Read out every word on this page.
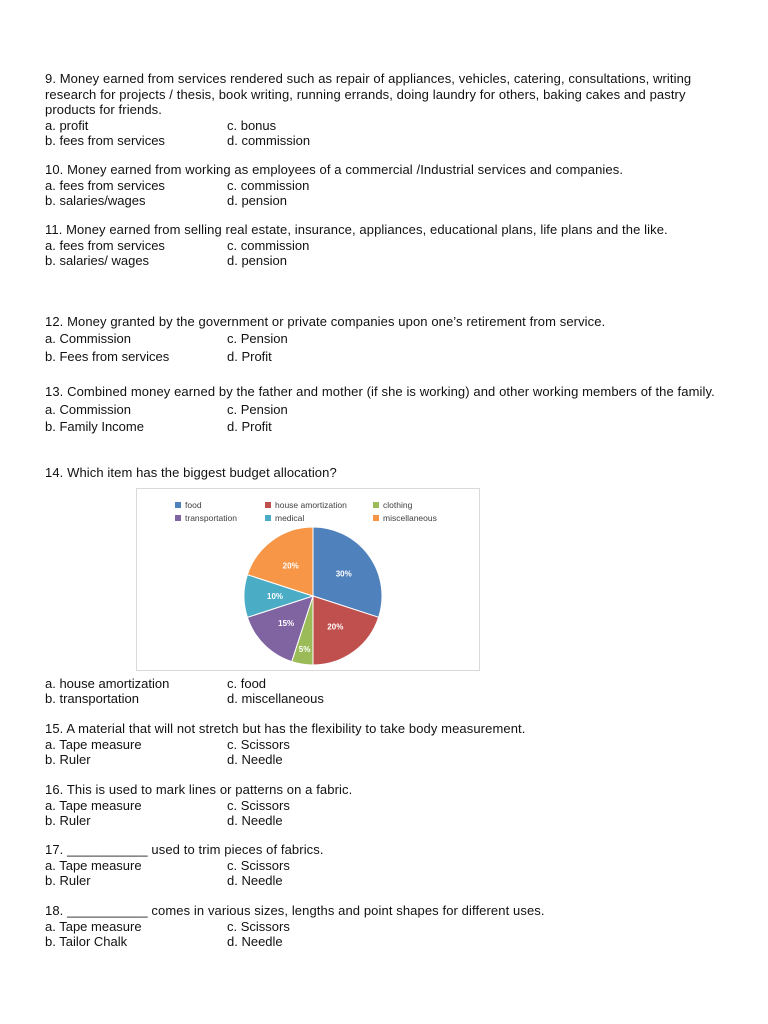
9. Money earned from services rendered such as repair of appliances, vehicles, catering, consultations, writing research for projects / thesis, book writing, running errands, doing laundry for others, baking cakes and pastry products for friends.

a. profit	c. bonus
b. fees from services	d. commission

10. Money earned from working as employees of a commercial /Industrial services and companies.

a. fees from services	c. commission
b. salaries/wages	d. pension

11. Money earned from selling real estate, insurance, appliances, educational plans, life plans and the like.

a. fees from services	c. commission
b. salaries/ wages	d. pension

12. Money granted by the government or private companies upon one’s retirement from service.

a. Commission	c. Pension
b. Fees from services	d. Profit

13. Combined money earned by the father and mother (if she is working) and other working members of the family.

a. Commission	c. Pension
b. Family Income	d. Profit

14. Which item has the biggest budget allocation?

food	house amortization	clothing
transportation	medical	miscellaneous
30%
20%
5%
15%
10%
20%
a. house amortization	c. food
b. transportation	d. miscellaneous

15. A material that will not stretch but has the flexibility to take body measurement.

a. Tape measure	c. Scissors
b. Ruler	d. Needle

16. This is used to mark lines or patterns on a fabric.

a. Tape measure	c. Scissors
b. Ruler	d. Needle

17. ___________ used to trim pieces of fabrics.

a. Tape measure	c. Scissors
b. Ruler	d. Needle

18. ___________ comes in various sizes, lengths and point shapes for different uses.

a. Tape measure	c. Scissors
b. Tailor Chalk	d. Needle
